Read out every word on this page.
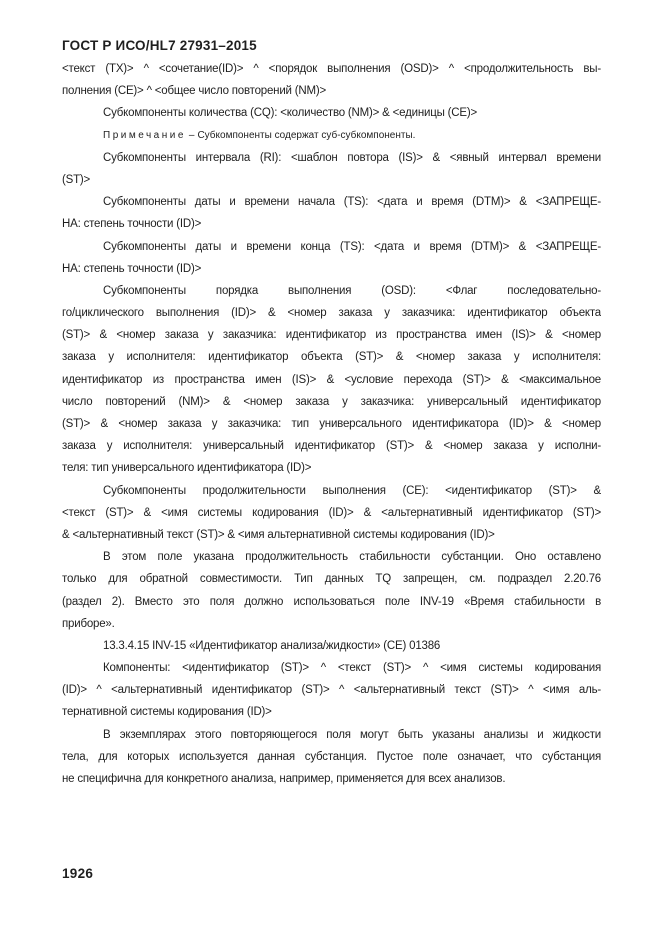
ГОСТ Р ИСО/HL7 27931–2015
<текст (TX)> ^ <сочетание(ID)> ^ <порядок выполнения (OSD)> ^ <продолжительность вы-
полнения (CE)> ^ <общее число повторений (NM)>
Субкомпоненты количества (CQ): <количество (NM)> & <единицы (CE)>
Примечание – Субкомпоненты содержат суб-субкомпоненты.
Субкомпоненты интервала (RI): <шаблон повтора (IS)> & <явный интервал времени
(ST)>
Субкомпоненты даты и времени начала (TS): <дата и время (DTM)> & <ЗАПРЕЩЕ-
НА: степень точности (ID)>
Субкомпоненты даты и времени конца (TS): <дата и время (DTM)> & <ЗАПРЕЩЕ-
НА: степень точности (ID)>
Субкомпоненты порядка выполнения (OSD): <Флаг последовательно-
го/циклического выполнения (ID)> & <номер заказа у заказчика: идентификатор объекта
(ST)> & <номер заказа у заказчика: идентификатор из пространства имен (IS)> & <номер
заказа у исполнителя: идентификатор объекта (ST)> & <номер заказа у исполнителя:
идентификатор из пространства имен (IS)> & <условие перехода (ST)> & <максимальное
число повторений (NM)> & <номер заказа у заказчика: универсальный идентификатор
(ST)> & <номер заказа у заказчика: тип универсального идентификатора (ID)> & <номер
заказа у исполнителя: универсальный идентификатор (ST)> & <номер заказа у исполни-
теля: тип универсального идентификатора (ID)>
Субкомпоненты продолжительности выполнения (CE): <идентификатор (ST)> &
<текст (ST)> & <имя системы кодирования (ID)> & <альтернативный идентификатор (ST)>
& <альтернативный текст (ST)> & <имя альтернативной системы кодирования (ID)>
В этом поле указана продолжительность стабильности субстанции. Оно оставлено
только для обратной совместимости. Тип данных TQ запрещен, см. подраздел 2.20.76
(раздел 2). Вместо это поля должно использоваться поле INV-19 «Время стабильности в
приборе».
13.3.4.15 INV-15 «Идентификатор анализа/жидкости» (CE) 01386
Компоненты: <идентификатор (ST)> ^ <текст (ST)> ^ <имя системы кодирования
(ID)> ^ <альтернативный идентификатор (ST)> ^ <альтернативный текст (ST)> ^ <имя аль-
тернативной системы кодирования (ID)>
В экземплярах этого повторяющегося поля могут быть указаны анализы и жидкости
тела, для которых используется данная субстанция. Пустое поле означает, что субстанция
не специфична для конкретного анализа, например, применяется для всех анализов.
1926
